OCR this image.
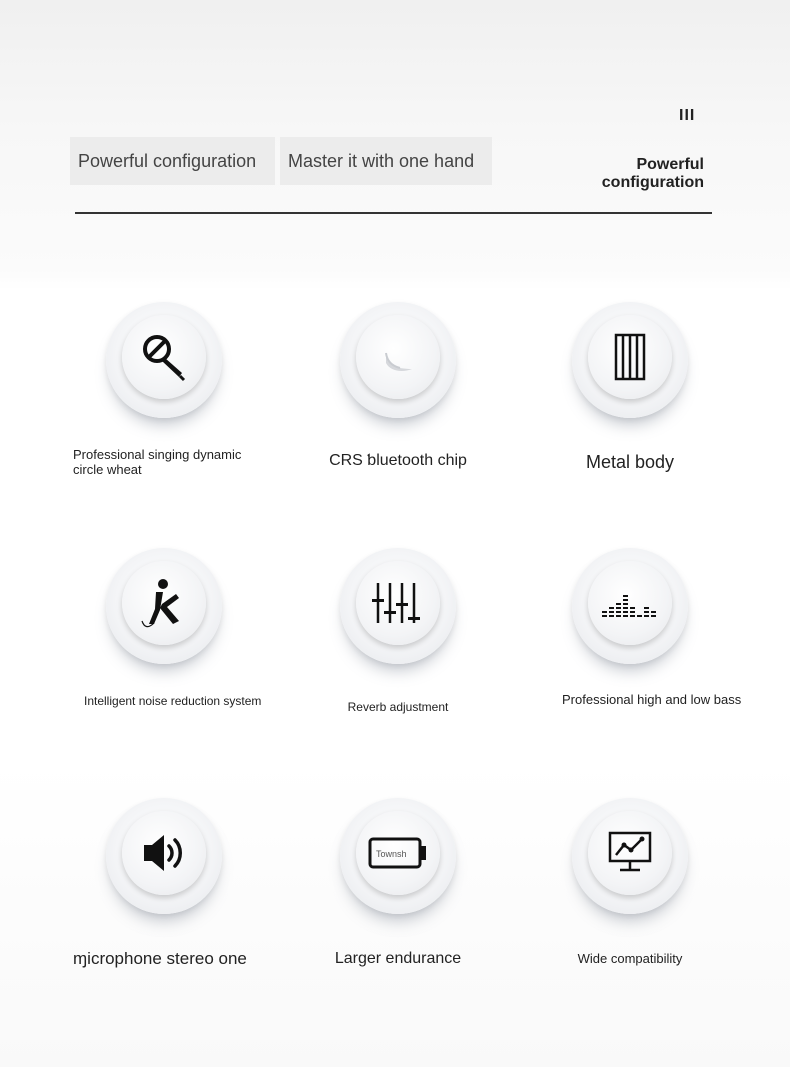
Powerful configuration Master it with one hand
III
Powerful
configuration
Professional singing dynamic circle wheat
CRS ƅluetooth chip	Metal body
Intelligent noise reduction system	Reverb adjustment	Professional high and low bass
ɱicrophone stereo one
Townsh
Larger endurance	Wide compatibility
